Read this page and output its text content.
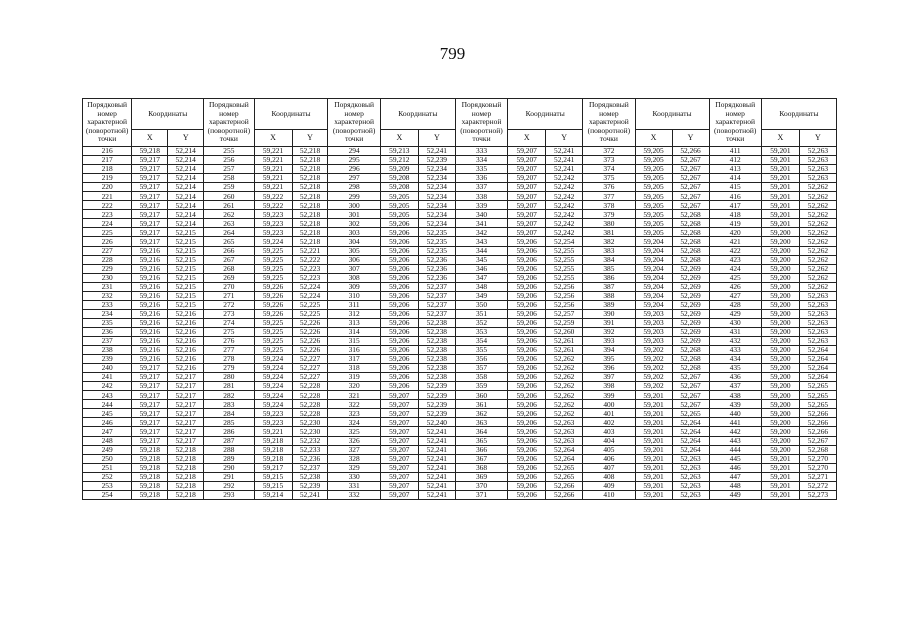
799
Порядковый номер характерной (поворотной) точки	Координаты		Порядковый номер характерной (поворотной) точки	Координаты		Порядковый номер характерной (поворотной) точки	Координаты		Порядковый номер характерной (поворотной) точки	Координаты		Порядковый номер характерной (поворотной) точки	Координаты		Порядковый номер характерной (поворотной) точки	Координаты	
	X	Y		X	Y		X	Y		X	Y		X	Y		X	Y
216	59,218	52,214	255	59,221	52,218	294	59,213	52,241	333	59,207	52,241	372	59,205	52,266	411	59,201	52,263
217	59,217	52,214	256	59,221	52,218	295	59,212	52,239	334	59,207	52,241	373	59,205	52,267	412	59,201	52,263
218	59,217	52,214	257	59,221	52,218	296	59,209	52,234	335	59,207	52,241	374	59,205	52,267	413	59,201	52,263
219	59,217	52,214	258	59,221	52,218	297	59,208	52,234	336	59,207	52,242	375	59,205	52,267	414	59,201	52,263
220	59,217	52,214	259	59,221	52,218	298	59,208	52,234	337	59,207	52,242	376	59,205	52,267	415	59,201	52,262
221	59,217	52,214	260	59,222	52,218	299	59,205	52,234	338	59,207	52,242	377	59,205	52,267	416	59,201	52,262
222	59,217	52,214	261	59,222	52,218	300	59,205	52,234	339	59,207	52,242	378	59,205	52,267	417	59,201	52,262
223	59,217	52,214	262	59,223	52,218	301	59,205	52,234	340	59,207	52,242	379	59,205	52,268	418	59,201	52,262
224	59,217	52,214	263	59,223	52,218	302	59,206	52,234	341	59,207	52,242	380	59,205	52,268	419	59,201	52,262
225	59,217	52,215	264	59,223	52,218	303	59,206	52,235	342	59,207	52,242	381	59,205	52,268	420	59,200	52,262
226	59,217	52,215	265	59,224	52,218	304	59,206	52,235	343	59,206	52,254	382	59,204	52,268	421	59,200	52,262
227	59,216	52,215	266	59,225	52,221	305	59,206	52,235	344	59,206	52,255	383	59,204	52,268	422	59,200	52,262
228	59,216	52,215	267	59,225	52,222	306	59,206	52,236	345	59,206	52,255	384	59,204	52,268	423	59,200	52,262
229	59,216	52,215	268	59,225	52,223	307	59,206	52,236	346	59,206	52,255	385	59,204	52,269	424	59,200	52,262
230	59,216	52,215	269	59,225	52,223	308	59,206	52,236	347	59,206	52,255	386	59,204	52,269	425	59,200	52,262
231	59,216	52,215	270	59,226	52,224	309	59,206	52,237	348	59,206	52,256	387	59,204	52,269	426	59,200	52,262
232	59,216	52,215	271	59,226	52,224	310	59,206	52,237	349	59,206	52,256	388	59,204	52,269	427	59,200	52,263
233	59,216	52,215	272	59,226	52,225	311	59,206	52,237	350	59,206	52,256	389	59,204	52,269	428	59,200	52,263
234	59,216	52,216	273	59,226	52,225	312	59,206	52,237	351	59,206	52,257	390	59,203	52,269	429	59,200	52,263
235	59,216	52,216	274	59,225	52,226	313	59,206	52,238	352	59,206	52,259	391	59,203	52,269	430	59,200	52,263
236	59,216	52,216	275	59,225	52,226	314	59,206	52,238	353	59,206	52,260	392	59,203	52,269	431	59,200	52,263
237	59,216	52,216	276	59,225	52,226	315	59,206	52,238	354	59,206	52,261	393	59,203	52,269	432	59,200	52,263
238	59,216	52,216	277	59,225	52,226	316	59,206	52,238	355	59,206	52,261	394	59,202	52,268	433	59,200	52,264
239	59,216	52,216	278	59,224	52,227	317	59,206	52,238	356	59,206	52,262	395	59,202	52,268	434	59,200	52,264
240	59,217	52,216	279	59,224	52,227	318	59,206	52,238	357	59,206	52,262	396	59,202	52,268	435	59,200	52,264
241	59,217	52,217	280	59,224	52,227	319	59,206	52,238	358	59,206	52,262	397	59,202	52,267	436	59,200	52,264
242	59,217	52,217	281	59,224	52,228	320	59,206	52,239	359	59,206	52,262	398	59,202	52,267	437	59,200	52,265
243	59,217	52,217	282	59,224	52,228	321	59,207	52,239	360	59,206	52,262	399	59,201	52,267	438	59,200	52,265
244	59,217	52,217	283	59,224	52,228	322	59,207	52,239	361	59,206	52,262	400	59,201	52,267	439	59,200	52,265
245	59,217	52,217	284	59,223	52,228	323	59,207	52,239	362	59,206	52,262	401	59,201	52,265	440	59,200	52,266
246	59,217	52,217	285	59,223	52,230	324	59,207	52,240	363	59,206	52,263	402	59,201	52,264	441	59,200	52,266
247	59,217	52,217	286	59,221	52,230	325	59,207	52,241	364	59,206	52,263	403	59,201	52,264	442	59,200	52,266
248	59,217	52,217	287	59,218	52,232	326	59,207	52,241	365	59,206	52,263	404	59,201	52,264	443	59,200	52,267
249	59,218	52,218	288	59,218	52,233	327	59,207	52,241	366	59,206	52,264	405	59,201	52,264	444	59,200	52,268
250	59,218	52,218	289	59,218	52,236	328	59,207	52,241	367	59,206	52,264	406	59,201	52,263	445	59,201	52,270
251	59,218	52,218	290	59,217	52,237	329	59,207	52,241	368	59,206	52,265	407	59,201	52,263	446	59,201	52,270
252	59,218	52,218	291	59,215	52,238	330	59,207	52,241	369	59,206	52,265	408	59,201	52,263	447	59,201	52,271
253	59,218	52,218	292	59,215	52,239	331	59,207	52,241	370	59,206	52,266	409	59,201	52,263	448	59,201	52,272
254	59,218	52,218	293	59,214	52,241	332	59,207	52,241	371	59,206	52,266	410	59,201	52,263	449	59,201	52,273
